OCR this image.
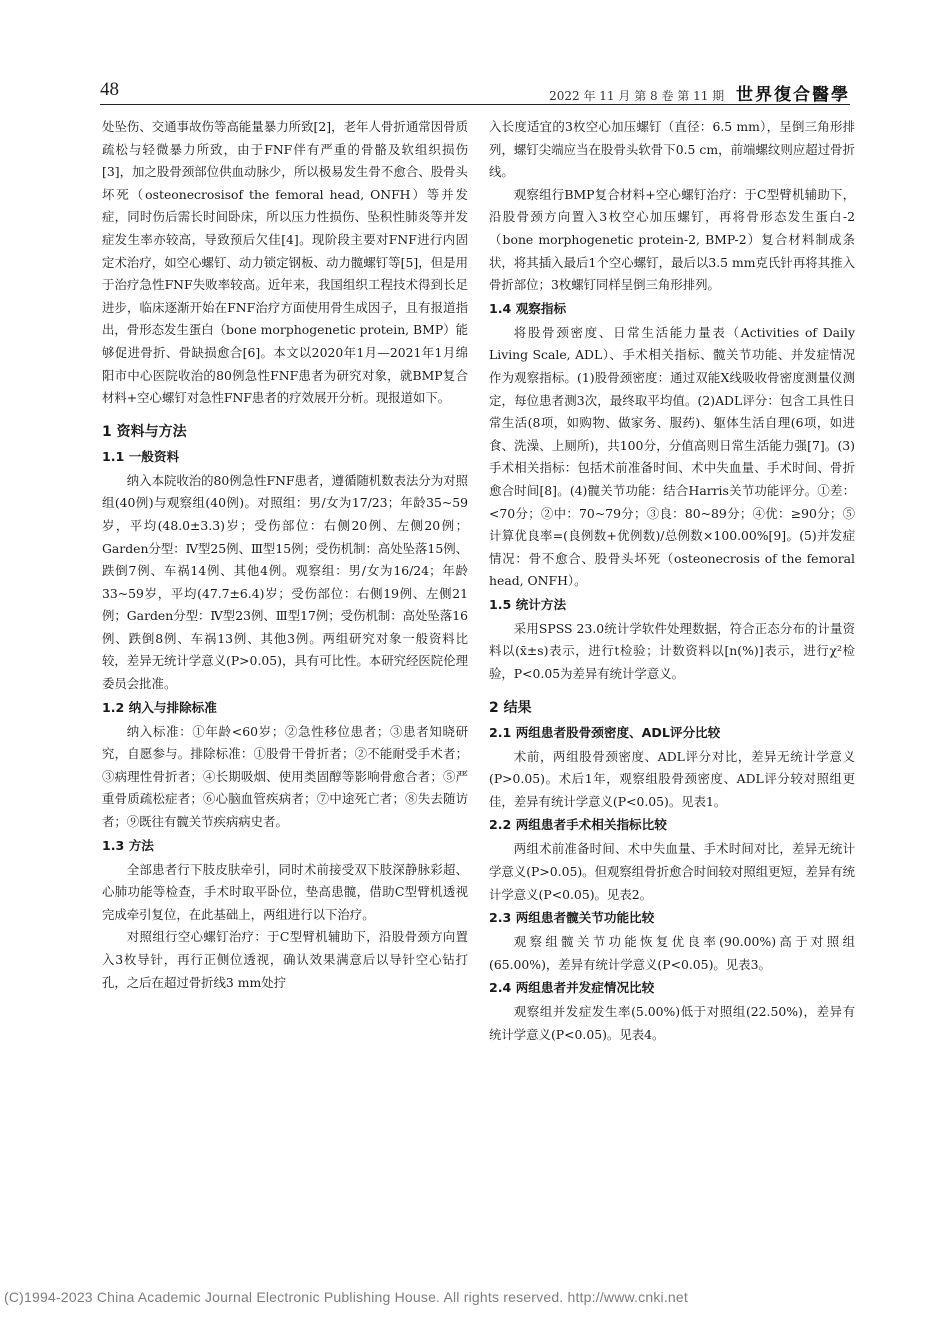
48	2022 年 11 月 第 8 卷 第 11 期 世界復合醫學

处坠伤、交通事故伤等高能量暴力所致[2]，老年人骨折通常因骨质疏松与轻微暴力所致，由于FNF伴有严重的骨骼及软组织损伤[3]，加之股骨颈部位供血动脉少，所以极易发生骨不愈合、股骨头坏死（osteonecrosisof the femoral head, ONFH）等并发症，同时伤后需长时间卧床，所以压力性损伤、坠积性肺炎等并发症发生率亦较高，导致预后欠佳[4]。现阶段主要对FNF进行内固定术治疗，如空心螺钉、动力锁定钢板、动力髋螺钉等[5]，但是用于治疗急性FNF失败率较高。近年来，我国组织工程技术得到长足进步，临床逐渐开始在FNF治疗方面使用骨生成因子，且有报道指出，骨形态发生蛋白（bone morphogenetic protein, BMP）能够促进骨折、骨缺损愈合[6]。本文以2020年1月—2021年1月绵阳市中心医院收治的80例急性FNF患者为研究对象，就BMP复合材料+空心螺钉对急性FNF患者的疗效展开分析。现报道如下。

1 资料与方法
1.1 一般资料

纳入本院收治的80例急性FNF患者，遵循随机数表法分为对照组(40例)与观察组(40例)。对照组：男/女为17/23；年龄35~59岁，平均(48.0±3.3)岁；受伤部位：右侧20例、左侧20例；Garden分型：Ⅳ型25例、Ⅲ型15例；受伤机制：高处坠落15例、跌倒7例、车祸14例、其他4例。观察组：男/女为16/24；年龄33~59岁，平均(47.7±6.4)岁；受伤部位：右侧19例、左侧21例；Garden分型：Ⅳ型23例、Ⅲ型17例；受伤机制：高处坠落16例、跌倒8例、车祸13例、其他3例。两组研究对象一般资料比较，差异无统计学意义(P>0.05)，具有可比性。本研究经医院伦理委员会批准。

1.2 纳入与排除标准

纳入标准：①年龄<60岁；②急性移位患者；③患者知晓研究，自愿参与。排除标准：①股骨干骨折者；②不能耐受手术者；③病理性骨折者；④长期吸烟、使用类固醇等影响骨愈合者；⑤严重骨质疏松症者；⑥心脑血管疾病者；⑦中途死亡者；⑧失去随访者；⑨既往有髋关节疾病病史者。

1.3 方法

全部患者行下肢皮肤牵引，同时术前接受双下肢深静脉彩超、心肺功能等检查，手术时取平卧位，垫高患髋，借助C型臂机透视完成牵引复位，在此基础上，两组进行以下治疗。

对照组行空心螺钉治疗：于C型臂机辅助下，沿股骨颈方向置入3枚导针，再行正侧位透视，确认效果满意后以导针空心钻打孔，之后在超过骨折线3 mm处拧

入长度适宜的3枚空心加压螺钉（直径：6.5 mm），呈倒三角形排列，螺钉尖端应当在股骨头软骨下0.5 cm，前端螺纹则应超过骨折线。

观察组行BMP复合材料+空心螺钉治疗：于C型臂机辅助下，沿股骨颈方向置入3枚空心加压螺钉，再将骨形态发生蛋白-2（bone morphogenetic protein-2, BMP-2）复合材料制成条状，将其插入最后1个空心螺钉，最后以3.5 mm克氏针再将其推入骨折部位；3枚螺钉同样呈倒三角形排列。

1.4 观察指标

将股骨颈密度、日常生活能力量表（Activities of Daily Living Scale, ADL）、手术相关指标、髋关节功能、并发症情况作为观察指标。(1)股骨颈密度：通过双能X线吸收骨密度测量仪测定，每位患者测3次，最终取平均值。(2)ADL评分：包含工具性日常生活(8项，如购物、做家务、服药)、躯体生活自理(6项，如进食、洗澡、上厕所)，共100分，分值高则日常生活能力强[7]。(3)手术相关指标：包括术前准备时间、术中失血量、手术时间、骨折愈合时间[8]。(4)髋关节功能：结合Harris关节功能评分。①差：<70分；②中：70~79分；③良：80~89分；④优：≥90分；⑤计算优良率=(良例数+优例数)/总例数×100.00%[9]。(5)并发症情况：骨不愈合、股骨头坏死（osteonecrosis of the femoral head, ONFH）。

1.5 统计方法

采用SPSS 23.0统计学软件处理数据，符合正态分布的计量资料以(x̄±s)表示，进行t检验；计数资料以[n(%)]表示，进行χ²检验，P<0.05为差异有统计学意义。

2 结果
2.1 两组患者股骨颈密度、ADL评分比较

术前，两组股骨颈密度、ADL评分对比，差异无统计学意义(P>0.05)。术后1年，观察组股骨颈密度、ADL评分较对照组更佳，差异有统计学意义(P<0.05)。见表1。

2.2 两组患者手术相关指标比较

两组术前准备时间、术中失血量、手术时间对比，差异无统计学意义(P>0.05)。但观察组骨折愈合时间较对照组更短，差异有统计学意义(P<0.05)。见表2。

2.3 两组患者髋关节功能比较

观察组髋关节功能恢复优良率(90.00%)高于对照组(65.00%)，差异有统计学意义(P<0.05)。见表3。

2.4 两组患者并发症情况比较

观察组并发症发生率(5.00%)低于对照组(22.50%)，差异有统计学意义(P<0.05)。见表4。

(C)1994-2023 China Academic Journal Electronic Publishing House. All rights reserved. http://www.cnki.net
